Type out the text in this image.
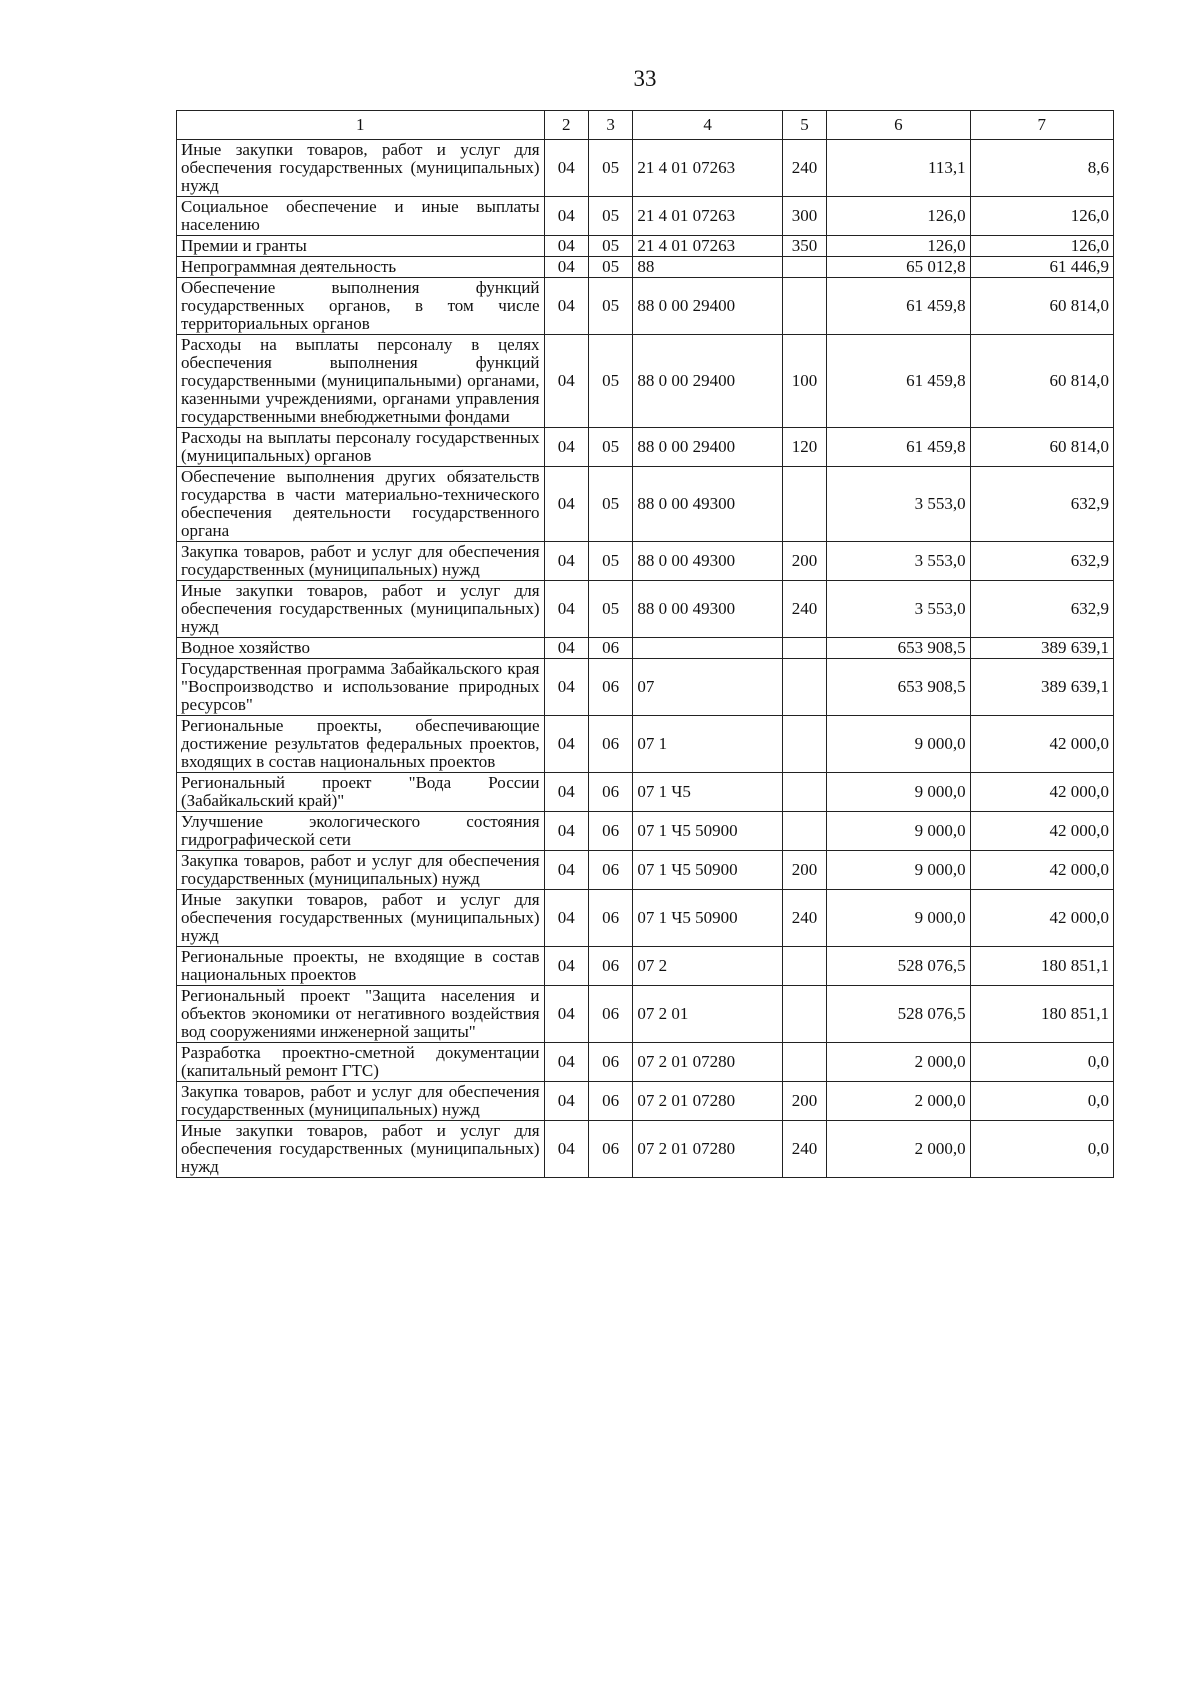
33
1	2	3	4	5	6	7
Иные закупки товаров, работ и услуг для обеспечения государственных (муниципальных) нужд	04	05	21 4 01 07263	240	113,1	8,6
Социальное обеспечение и иные выплаты населению	04	05	21 4 01 07263	300	126,0	126,0
Премии и гранты	04	05	21 4 01 07263	350	126,0	126,0
Непрограммная деятельность	04	05	88		65 012,8	61 446,9
Обеспечение выполнения функций государственных органов, в том числе территориальных органов	04	05	88 0 00 29400		61 459,8	60 814,0
Расходы на выплаты персоналу в целях обеспечения выполнения функций государственными (муниципальными) органами, казенными учреждениями, органами управления государственными внебюджетными фондами	04	05	88 0 00 29400	100	61 459,8	60 814,0
Расходы на выплаты персоналу государственных (муниципальных) органов	04	05	88 0 00 29400	120	61 459,8	60 814,0
Обеспечение выполнения других обязательств государства в части материально-технического обеспечения деятельности государственного органа	04	05	88 0 00 49300		3 553,0	632,9
Закупка товаров, работ и услуг для обеспечения государственных (муниципальных) нужд	04	05	88 0 00 49300	200	3 553,0	632,9
Иные закупки товаров, работ и услуг для обеспечения государственных (муниципальных) нужд	04	05	88 0 00 49300	240	3 553,0	632,9
Водное хозяйство	04	06			653 908,5	389 639,1
Государственная программа Забайкальского края "Воспроизводство и использование природных ресурсов"	04	06	07		653 908,5	389 639,1
Региональные проекты, обеспечивающие достижение результатов федеральных проектов, входящих в состав национальных проектов	04	06	07 1		9 000,0	42 000,0
Региональный проект "Вода России (Забайкальский край)"	04	06	07 1 Ч5		9 000,0	42 000,0
Улучшение экологического состояния гидрографической сети	04	06	07 1 Ч5 50900		9 000,0	42 000,0
Закупка товаров, работ и услуг для обеспечения государственных (муниципальных) нужд	04	06	07 1 Ч5 50900	200	9 000,0	42 000,0
Иные закупки товаров, работ и услуг для обеспечения государственных (муниципальных) нужд	04	06	07 1 Ч5 50900	240	9 000,0	42 000,0
Региональные проекты, не входящие в состав национальных проектов	04	06	07 2		528 076,5	180 851,1
Региональный проект "Защита населения и объектов экономики от негативного воздействия вод сооружениями инженерной защиты"	04	06	07 2 01		528 076,5	180 851,1
Разработка проектно-сметной документации (капитальный ремонт ГТС)	04	06	07 2 01 07280		2 000,0	0,0
Закупка товаров, работ и услуг для обеспечения государственных (муниципальных) нужд	04	06	07 2 01 07280	200	2 000,0	0,0
Иные закупки товаров, работ и услуг для обеспечения государственных (муниципальных) нужд	04	06	07 2 01 07280	240	2 000,0	0,0
